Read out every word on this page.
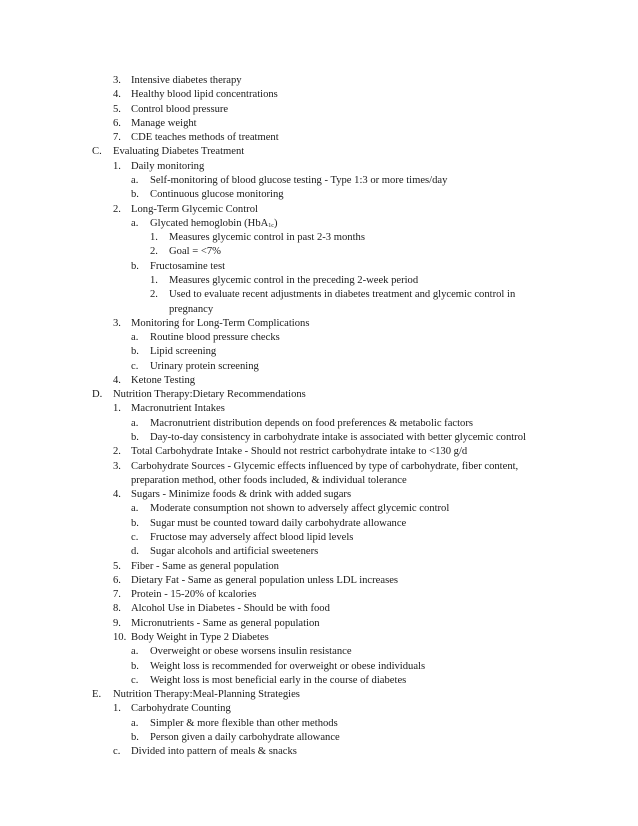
3. Intensive diabetes therapy
4. Healthy blood lipid concentrations
5. Control blood pressure
6. Manage weight
7. CDE teaches methods of treatment
C. Evaluating Diabetes Treatment
1. Daily monitoring
a. Self-monitoring of blood glucose testing - Type 1:3 or more times/day
b. Continuous glucose monitoring
2. Long-Term Glycemic Control
a. Glycated hemoglobin (HbA$_{1c}$)
1. Measures glycemic control in past 2-3 months
2. Goal = <7%
b. Fructosamine test
1. Measures glycemic control in the preceding 2-week period
2. Used to evaluate recent adjustments in diabetes treatment and glycemic control in
pregnancy
3. Monitoring for Long-Term Complications
a. Routine blood pressure checks
b. Lipid screening
c. Urinary protein screening
4. Ketone Testing
D. Nutrition Therapy:Dietary Recommendations
1. Macronutrient Intakes
a. Macronutrient distribution depends on food preferences & metabolic factors
b. Day-to-day consistency in carbohydrate intake is associated with better glycemic control
2. Total Carbohydrate Intake - Should not restrict carbohydrate intake to <130 g/d
3. Carbohydrate Sources - Glycemic effects influenced by type of carbohydrate, fiber content,
preparation method, other foods included, & individual tolerance
4. Sugars - Minimize foods & drink with added sugars
a. Moderate consumption not shown to adversely affect glycemic control
b. Sugar must be counted toward daily carbohydrate allowance
c. Fructose may adversely affect blood lipid levels
d. Sugar alcohols and artificial sweeteners
5. Fiber - Same as general population
6. Dietary Fat - Same as general population unless LDL increases
7. Protein - 15-20% of kcalories
8. Alcohol Use in Diabetes - Should be with food
9. Micronutrients - Same as general population
10. Body Weight in Type 2 Diabetes
a. Overweight or obese worsens insulin resistance
b. Weight loss is recommended for overweight or obese individuals
c. Weight loss is most beneficial early in the course of diabetes
E. Nutrition Therapy:Meal-Planning Strategies
1. Carbohydrate Counting
a. Simpler & more flexible than other methods
b. Person given a daily carbohydrate allowance
c. Divided into pattern of meals & snacks
